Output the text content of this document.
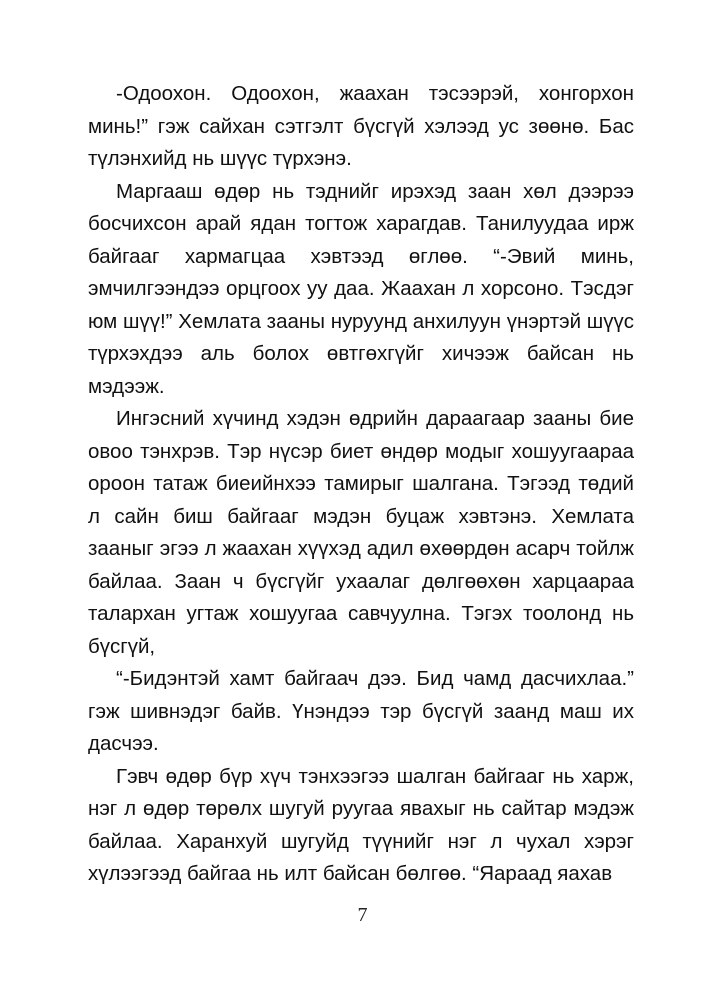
-Одоохон. Одоохон, жаахан тэсээрэй, хонгорхон минь!” гэж сайхан сэтгэлт бүсгүй хэлээд ус зөөнө. Бас түлэнхийд нь шүүс түрхэнэ.

Маргааш өдөр нь тэднийг ирэхэд заан хөл дээрээ босчихсон арай ядан тогтож харагдав. Танилуудаа ирж байгааг хармагцаа хэвтээд өглөө. “-Эвий минь, эмчилгээндээ орцгоох уу даа. Жаахан л хорсоно. Тэсдэг юм шүү!” Хемлата зааны нуруунд анхилуун үнэртэй шүүс түрхэхдээ аль болох өвтгөхгүйг хичээж байсан нь мэдээж.

Ингэсний хүчинд хэдэн өдрийн дараагаар зааны бие овоо тэнхрэв. Тэр нүсэр биет өндөр модыг хошуугаараа ороон татаж биеийнхээ тамирыг шалгана. Тэгээд төдий л сайн биш байгааг мэдэн буцаж хэвтэнэ. Хемлата зааныг эгээ л жаахан хүүхэд адил өхөөрдөн асарч тойлж байлаа. Заан ч бүсгүйг ухаалаг дөлгөөхөн харцаараа талархан угтаж хошуугаа савчуулна. Тэгэх тоолонд нь бүсгүй,

“-Бидэнтэй хамт байгаач дээ. Бид чамд дасчихлаа.” гэж шивнэдэг байв. Үнэндээ тэр бүсгүй заанд маш их дасчээ.

Гэвч өдөр бүр хүч тэнхээгээ шалган байгааг нь харж, нэг л өдөр төрөлх шугуй руугаа явахыг нь сайтар мэдэж байлаа. Харанхуй шугуйд түүнийг нэг л чухал хэрэг хүлээгээд байгаа нь илт байсан бөлгөө. “Яараад яахав

7
